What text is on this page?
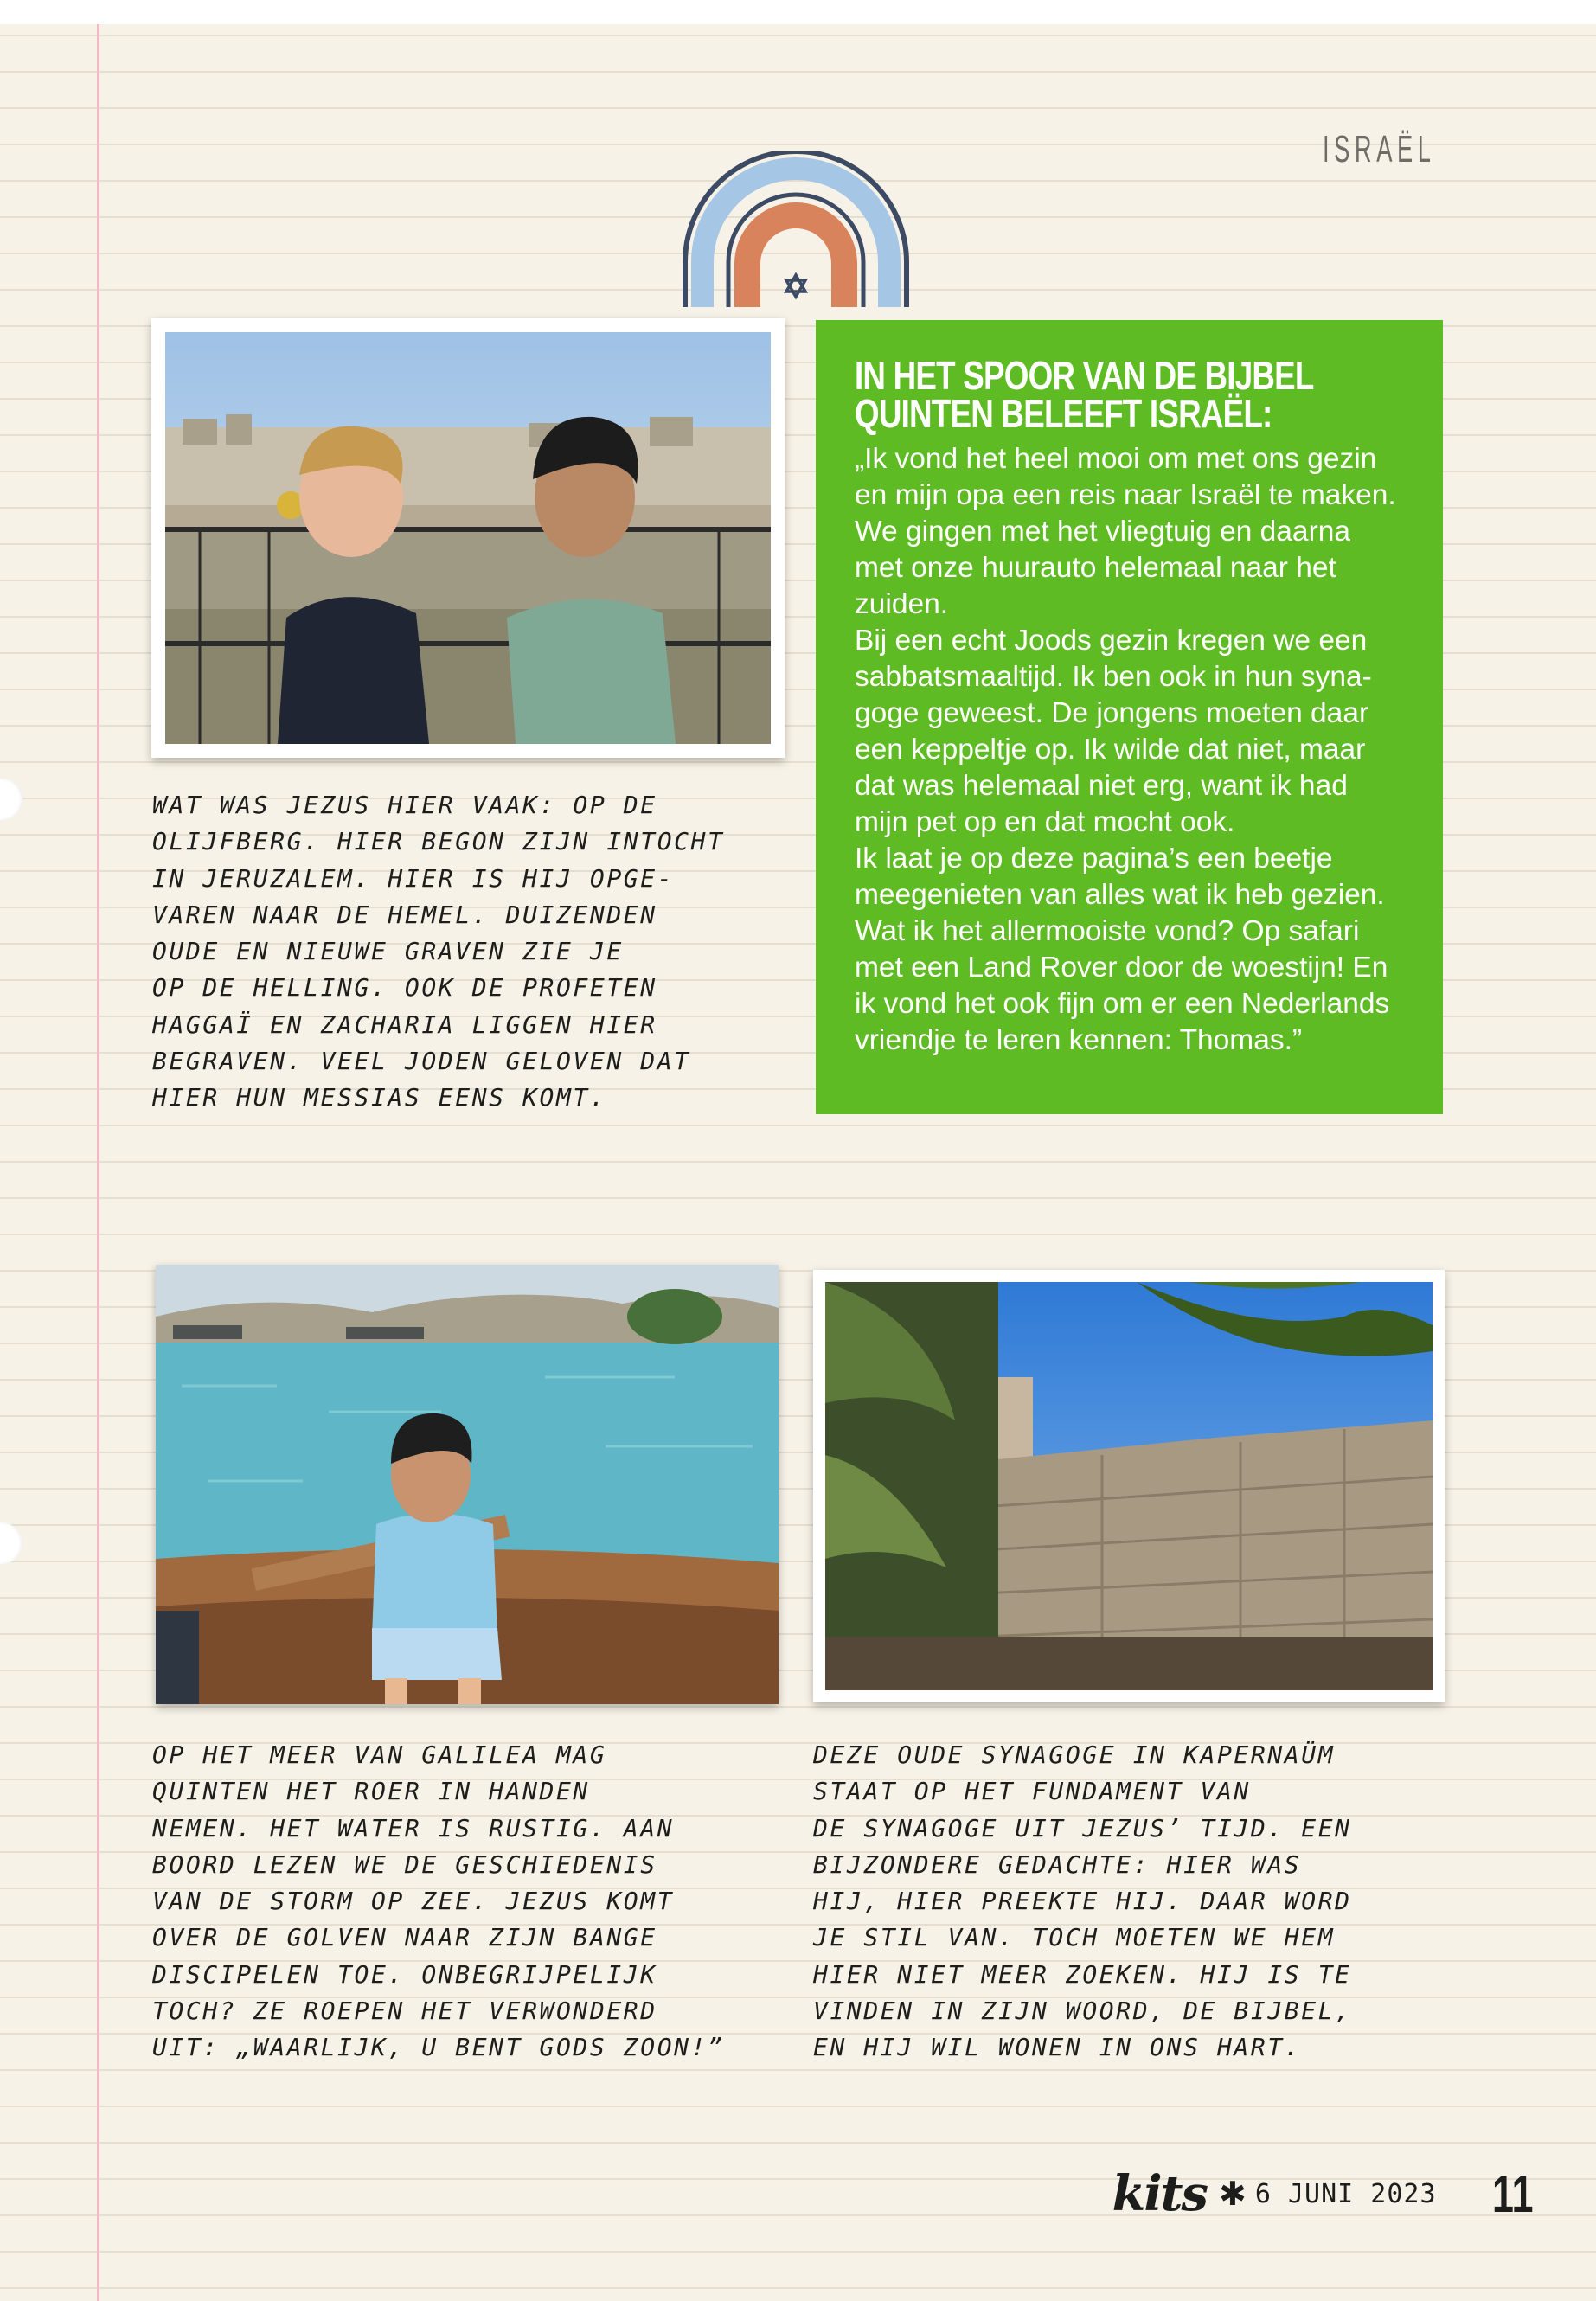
ISRAËL
IN HET SPOOR VAN DE BIJBEL
QUINTEN BELEEFT ISRAËL:
„Ik vond het heel mooi om met ons gezin
en mijn opa een reis naar Israël te maken.
We gingen met het vliegtuig en daarna
met onze huurauto helemaal naar het
zuiden.
Bij een echt Joods gezin kregen we een
sabbatsmaaltijd. Ik ben ook in hun syna-
goge geweest. De jongens moeten daar
een keppeltje op. Ik wilde dat niet, maar
dat was helemaal niet erg, want ik had
mijn pet op en dat mocht ook.
Ik laat je op deze pagina’s een beetje
meegenieten van alles wat ik heb gezien.
Wat ik het allermooiste vond? Op safari
met een Land Rover door de woestijn! En
ik vond het ook fijn om er een Nederlands
vriendje te leren kennen: Thomas.”

WAT WAS JEZUS HIER VAAK: OP DE
OLIJFBERG. HIER BEGON ZIJN INTOCHT
IN JERUZALEM. HIER IS HIJ OPGE-
VAREN NAAR DE HEMEL. DUIZENDEN
OUDE EN NIEUWE GRAVEN ZIE JE
OP DE HELLING. OOK DE PROFETEN
HAGGAÏ EN ZACHARIA LIGGEN HIER
BEGRAVEN. VEEL JODEN GELOVEN DAT
HIER HUN MESSIAS EENS KOMT.

OP HET MEER VAN GALILEA MAG
QUINTEN HET ROER IN HANDEN
NEMEN. HET WATER IS RUSTIG. AAN
BOORD LEZEN WE DE GESCHIEDENIS
VAN DE STORM OP ZEE. JEZUS KOMT
OVER DE GOLVEN NAAR ZIJN BANGE
DISCIPELEN TOE. ONBEGRIJPELIJK
TOCH? ZE ROEPEN HET VERWONDERD
UIT: „WAARLIJK, U BENT GODS ZOON!”

DEZE OUDE SYNAGOGE IN KAPERNAÜM
STAAT OP HET FUNDAMENT VAN
DE SYNAGOGE UIT JEZUS’ TIJD. EEN
BIJZONDERE GEDACHTE: HIER WAS
HIJ, HIER PREEKTE HIJ. DAAR WORD
JE STIL VAN. TOCH MOETEN WE HEM
HIER NIET MEER ZOEKEN. HIJ IS TE
VINDEN IN ZIJN WOORD, DE BIJBEL,
EN HIJ WIL WONEN IN ONS HART.

kits ✱ 6 JUNI 2023 11
